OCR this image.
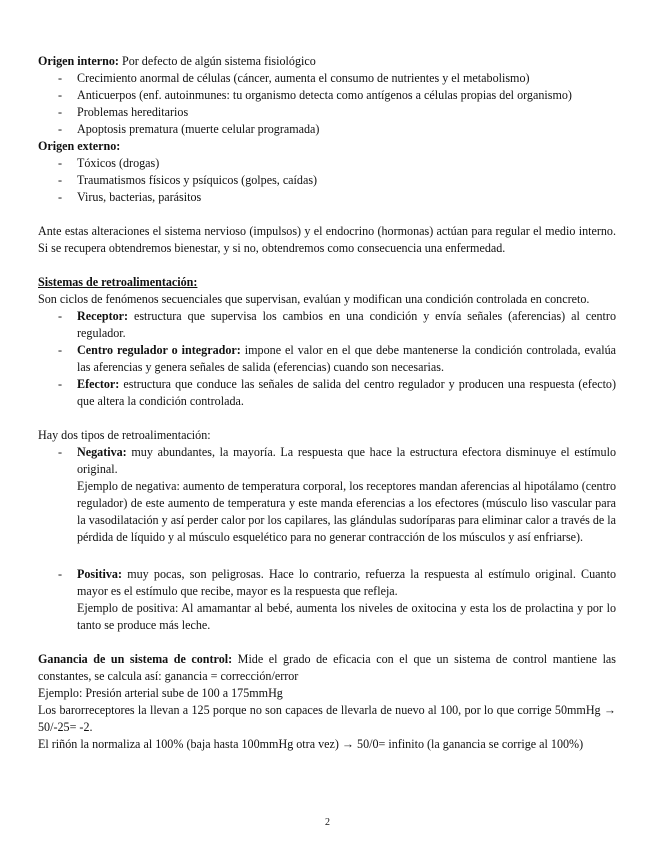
Origen interno: Por defecto de algún sistema fisiológico

- Crecimiento anormal de células (cáncer, aumenta el consumo de nutrientes y el metabolismo)
- Anticuerpos (enf. autoinmunes: tu organismo detecta como antígenos a células propias del organismo)
- Problemas hereditarios
- Apoptosis prematura (muerte celular programada)

Origen externo:

- Tóxicos (drogas)
- Traumatismos físicos y psíquicos (golpes, caídas)
- Virus, bacterias, parásitos

Ante estas alteraciones el sistema nervioso (impulsos) y el endocrino (hormonas) actúan para regular el medio interno. Si se recupera obtendremos bienestar, y si no, obtendremos como consecuencia una enfermedad.

Sistemas de retroalimentación:

Son ciclos de fenómenos secuenciales que supervisan, evalúan y modifican una condición controlada en concreto.

- Receptor: estructura que supervisa los cambios en una condición y envía señales (aferencias) al centro regulador.
- Centro regulador o integrador: impone el valor en el que debe mantenerse la condición controlada, evalúa las aferencias y genera señales de salida (eferencias) cuando son necesarias.
- Efector: estructura que conduce las señales de salida del centro regulador y producen una respuesta (efecto) que altera la condición controlada.

Hay dos tipos de retroalimentación:

- Negativa: muy abundantes, la mayoría. La respuesta que hace la estructura efectora disminuye el estímulo original.

Ejemplo de negativa: aumento de temperatura corporal, los receptores mandan aferencias al hipotálamo (centro regulador) de este aumento de temperatura y este manda eferencias a los efectores (músculo liso vascular para la vasodilatación y así perder calor por los capilares, las glándulas sudoríparas para eliminar calor a través de la pérdida de líquido y al músculo esquelético para no generar contracción de los músculos y así enfriarse).

- Positiva: muy pocas, son peligrosas. Hace lo contrario, refuerza la respuesta al estímulo original. Cuanto mayor es el estímulo que recibe, mayor es la respuesta que refleja.

Ejemplo de positiva: Al amamantar al bebé, aumenta los niveles de oxitocina y esta los de prolactina y por lo tanto se produce más leche.

Ganancia de un sistema de control: Mide el grado de eficacia con el que un sistema de control mantiene las constantes, se calcula así: ganancia = corrección/error

Ejemplo: Presión arterial sube de 100 a 175mmHg

Los barorreceptores la llevan a 125 porque no son capaces de llevarla de nuevo al 100, por lo que corrige 50mmHg → 50/-25= -2.

El riñón la normaliza al 100% (baja hasta 100mmHg otra vez) → 50/0= infinito (la ganancia se corrige al 100%)

2
